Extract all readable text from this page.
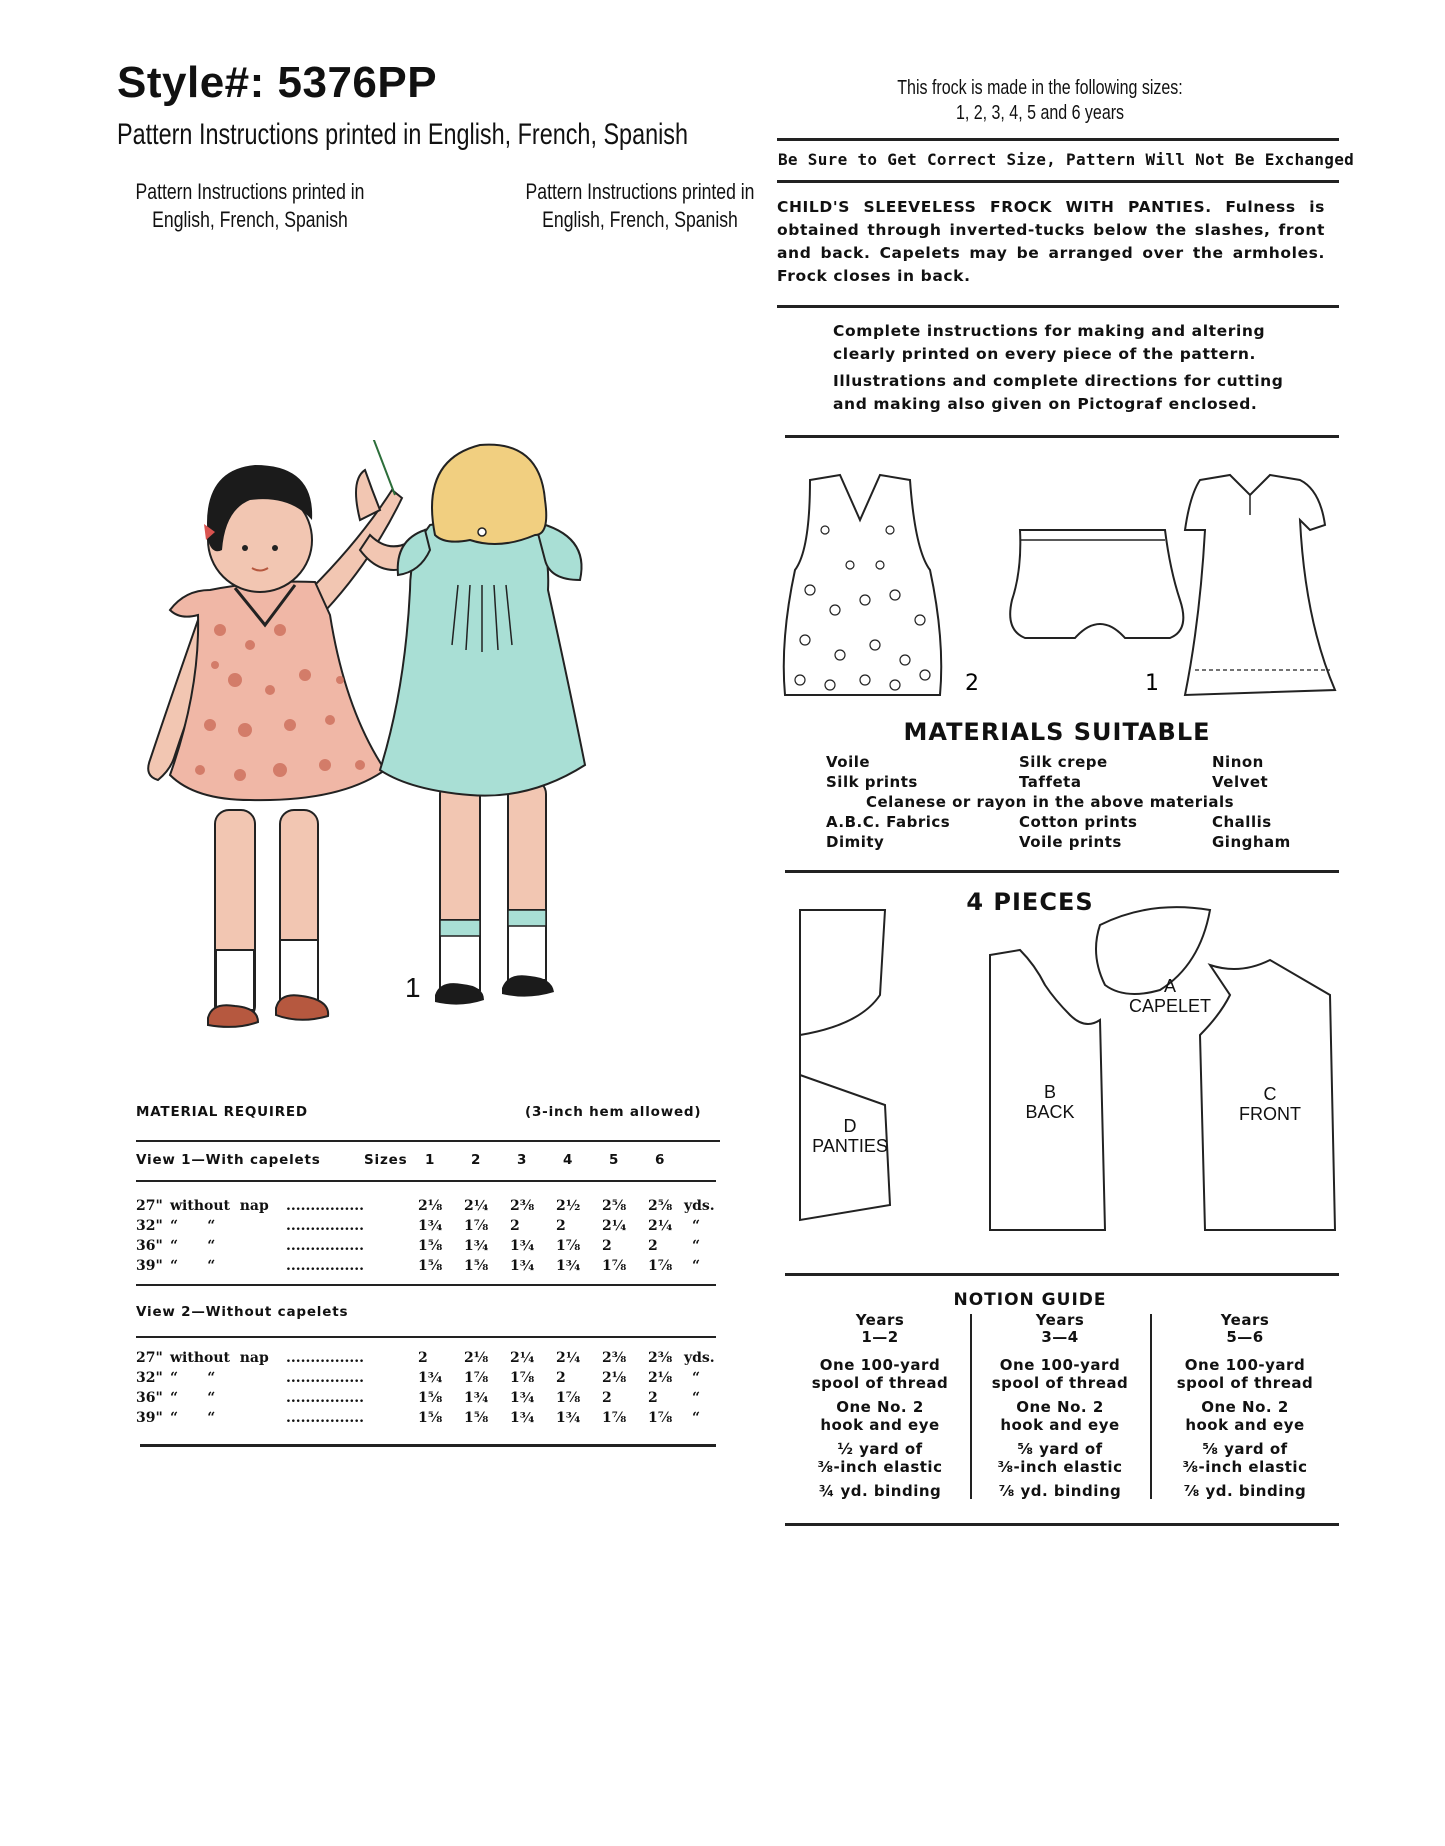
Style#: 5376PP
Pattern Instructions printed in English, French, Spanish
Pattern Instructions printed in
English, French, Spanish
Pattern Instructions printed in
English, French, Spanish
This frock is made in the following sizes:
1, 2, 3, 4, 5 and 6 years
Be Sure to Get Correct Size, Pattern Will Not Be Exchanged
CHILD'S SLEEVELESS FROCK WITH PANTIES. Fulness is obtained through inverted-tucks below the slashes, front and back. Capelets may be arranged over the armholes. Frock closes in back.
Complete instructions for making and altering
clearly printed on every piece of the pattern.
Illustrations and complete directions for cutting
and making also given on Pictograf enclosed.
1
2	1
MATERIALS SUITABLE
Voile	Silk crepe	Ninon
Silk prints	Taffeta	Velvet
Celanese or rayon in the above materials
A.B.C. Fabrics	Cotton prints	Challis
Dimity	Voile prints	Gingham
4 PIECES
D
PANTIES
B
BACK
A
CAPELET
C
FRONT
NOTION GUIDE
Years
1—2
One 100-yard
spool of thread
One No. 2
hook and eye
½ yard of
⅜-inch elastic
¾ yd. binding
Years
3—4
One 100-yard
spool of thread
One No. 2
hook and eye
⅝ yard of
⅜-inch elastic
⅞ yd. binding
Years
5—6
One 100-yard
spool of thread
One No. 2
hook and eye
⅝ yard of
⅜-inch elastic
⅞ yd. binding
MATERIAL REQUIRED	(3-inch hem allowed)
View 1—With capelets	Sizes 1	2	3	4	5	6
27" without  nap ................	2⅛ 2¼ 2⅜ 2½ 2⅝ 2⅝ yds.
32" “      “	................	1¾ 1⅞ 2	2	2¼ 2¼ “
36" “      “	................	1⅝ 1¾ 1¾ 1⅞ 2	2 “
39" “      “	................	1⅝ 1⅝ 1¾ 1¾ 1⅞ 1⅞ “
View 2—Without capelets
27" without  nap ................	2	2⅛ 2¼ 2¼ 2⅜ 2⅜ yds.
32" “      “	................	1¾ 1⅞ 1⅞ 2	2⅛ 2⅛ “
36" “      “	................	1⅝ 1¾ 1¾ 1⅞ 2	2 “
39" “      “	................	1⅝ 1⅝ 1¾ 1¾ 1⅞ 1⅞ “
